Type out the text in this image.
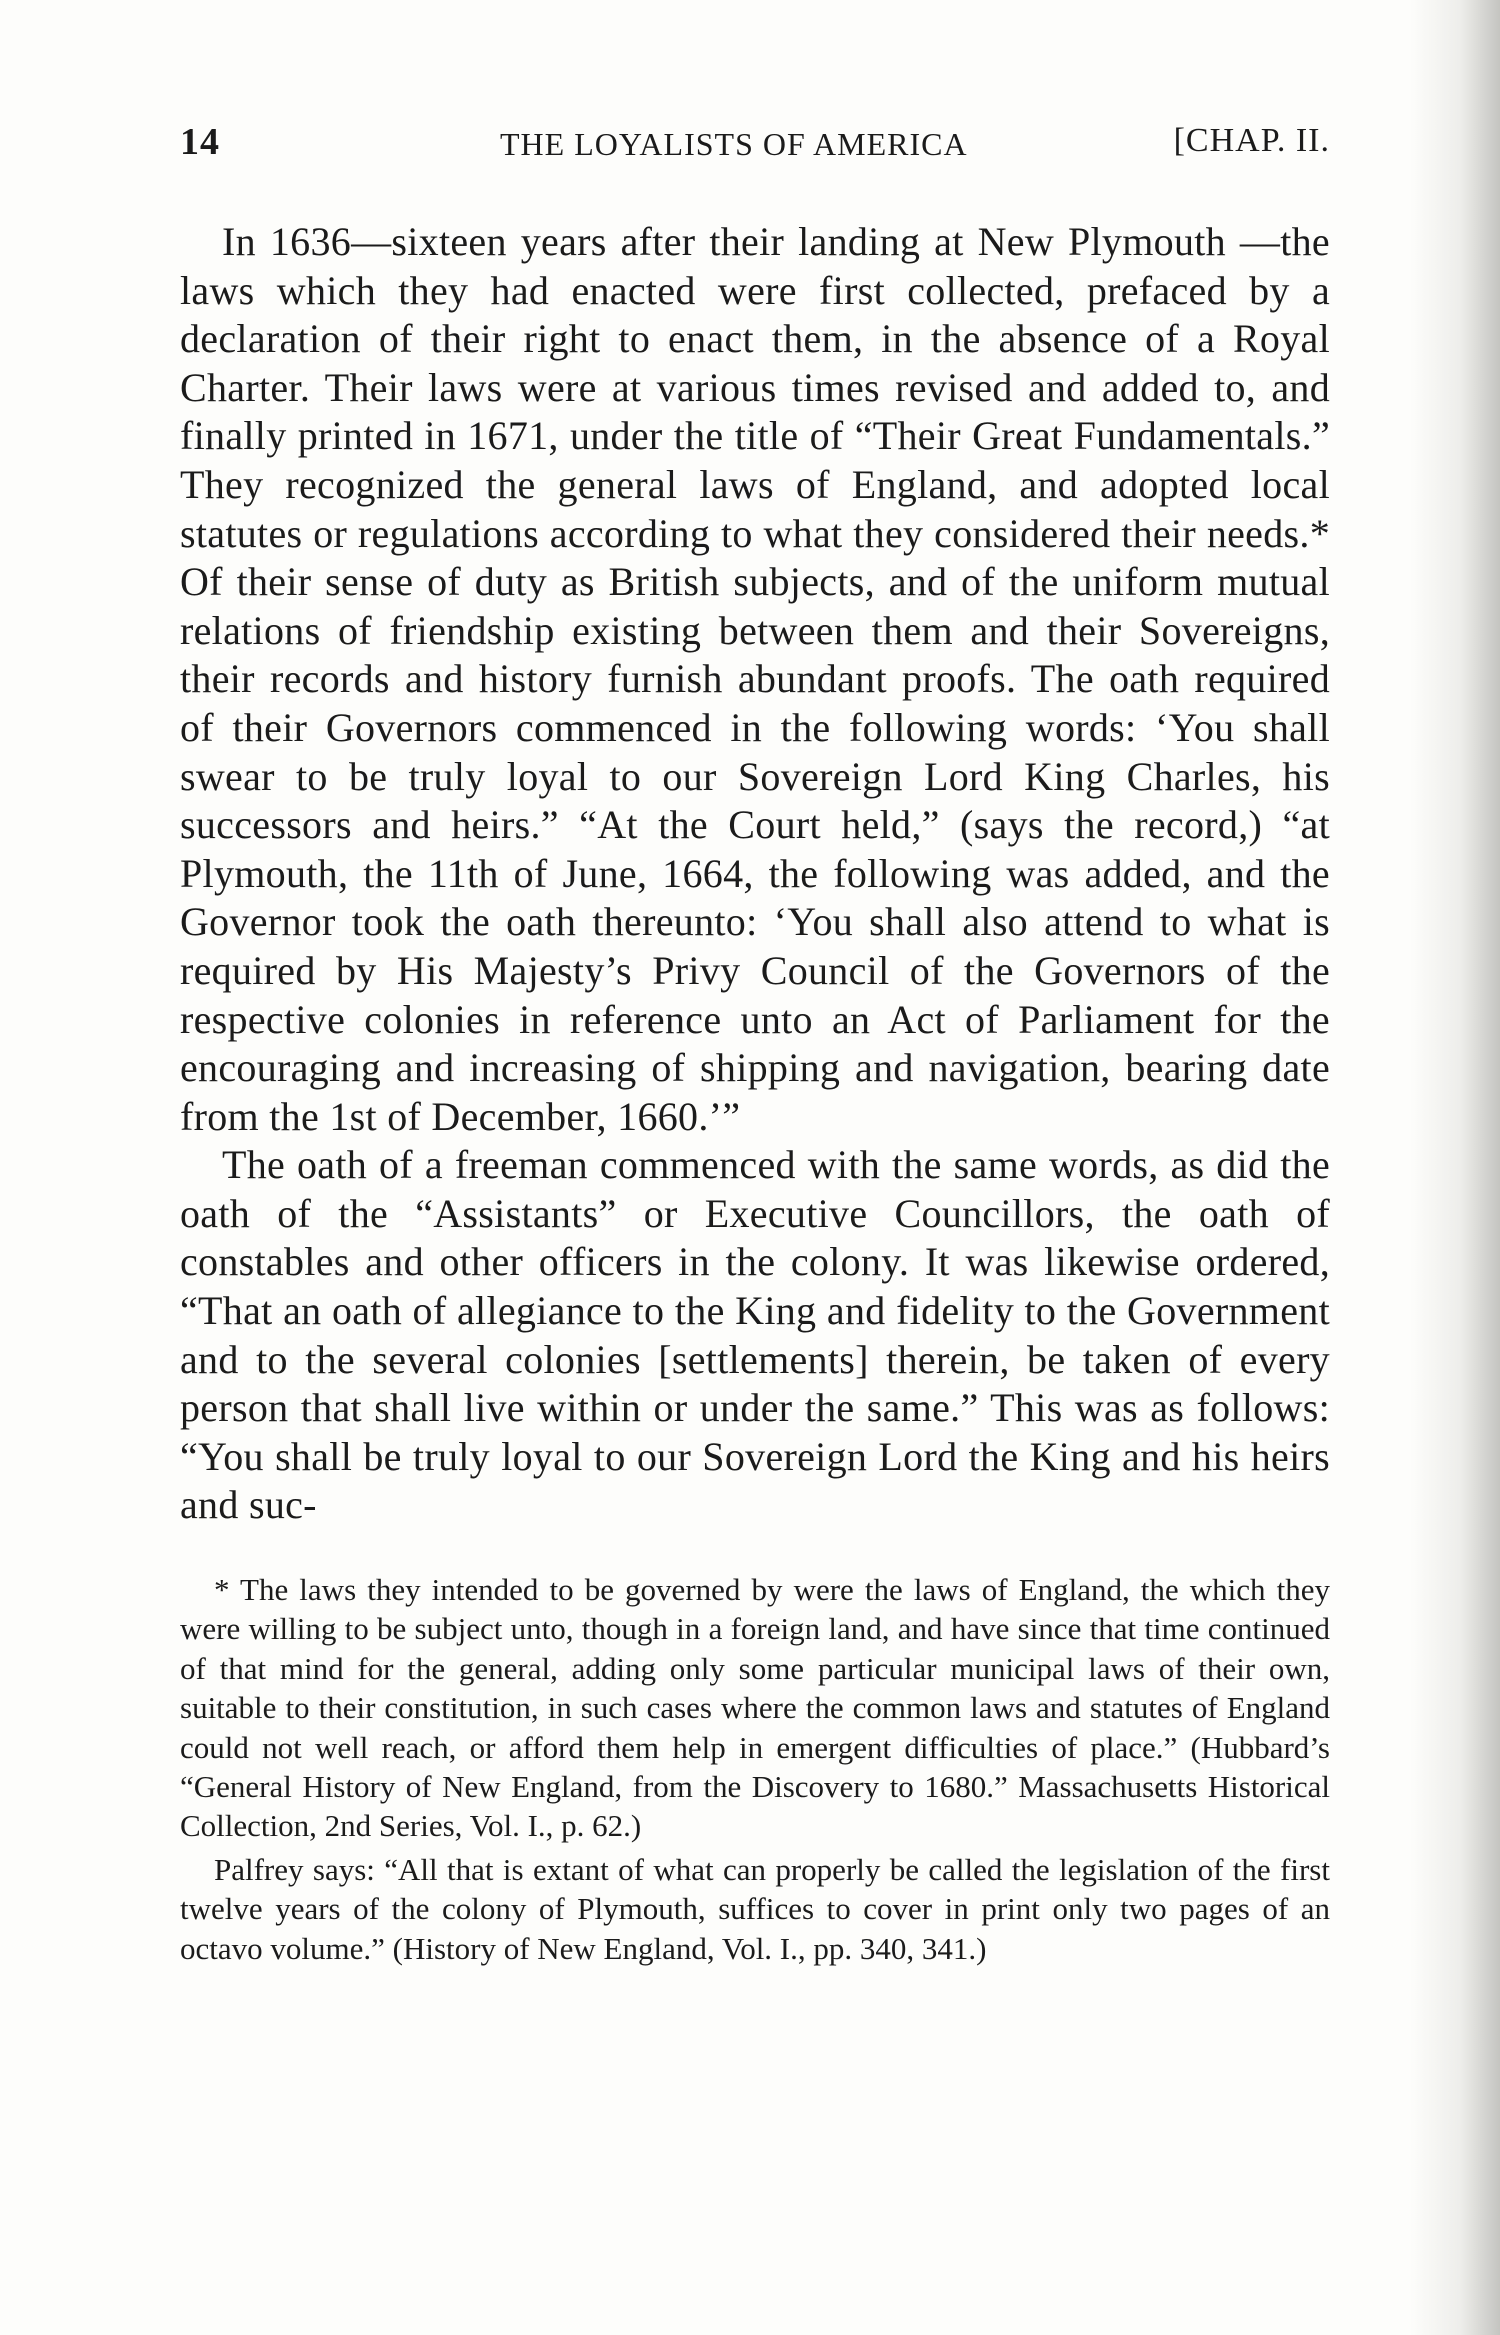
14	THE LOYALISTS OF AMERICA	[CHAP. II.

In 1636—sixteen years after their landing at New Plymouth —the laws which they had enacted were first collected, prefaced by a declaration of their right to enact them, in the absence of a Royal Charter. Their laws were at various times revised and added to, and finally printed in 1671, under the title of “Their Great Fundamentals.” They recognized the general laws of England, and adopted local statutes or regulations according to what they considered their needs.* Of their sense of duty as British subjects, and of the uniform mutual relations of friendship existing between them and their Sovereigns, their records and history furnish abundant proofs. The oath required of their Governors commenced in the following words: ‘You shall swear to be truly loyal to our Sovereign Lord King Charles, his successors and heirs.” “At the Court held,” (says the record,) “at Plymouth, the 11th of June, 1664, the following was added, and the Governor took the oath thereunto: ‘You shall also attend to what is required by His Majesty’s Privy Council of the Governors of the respective colonies in reference unto an Act of Parliament for the encouraging and increasing of shipping and navigation, bearing date from the 1st of December, 1660.’”

The oath of a freeman commenced with the same words, as did the oath of the “Assistants” or Executive Councillors, the oath of constables and other officers in the colony. It was likewise ordered, “That an oath of allegiance to the King and fidelity to the Government and to the several colonies [settlements] therein, be taken of every person that shall live within or under the same.” This was as follows: “You shall be truly loyal to our Sovereign Lord the King and his heirs and suc-

* The laws they intended to be governed by were the laws of England, the which they were willing to be subject unto, though in a foreign land, and have since that time continued of that mind for the general, adding only some particular municipal laws of their own, suitable to their constitution, in such cases where the common laws and statutes of England could not well reach, or afford them help in emergent difficulties of place.” (Hubbard’s “General History of New England, from the Discovery to 1680.” Massachusetts Historical Collection, 2nd Series, Vol. I., p. 62.)

Palfrey says: “All that is extant of what can properly be called the legislation of the first twelve years of the colony of Plymouth, suffices to cover in print only two pages of an octavo volume.” (History of New England, Vol. I., pp. 340, 341.)
